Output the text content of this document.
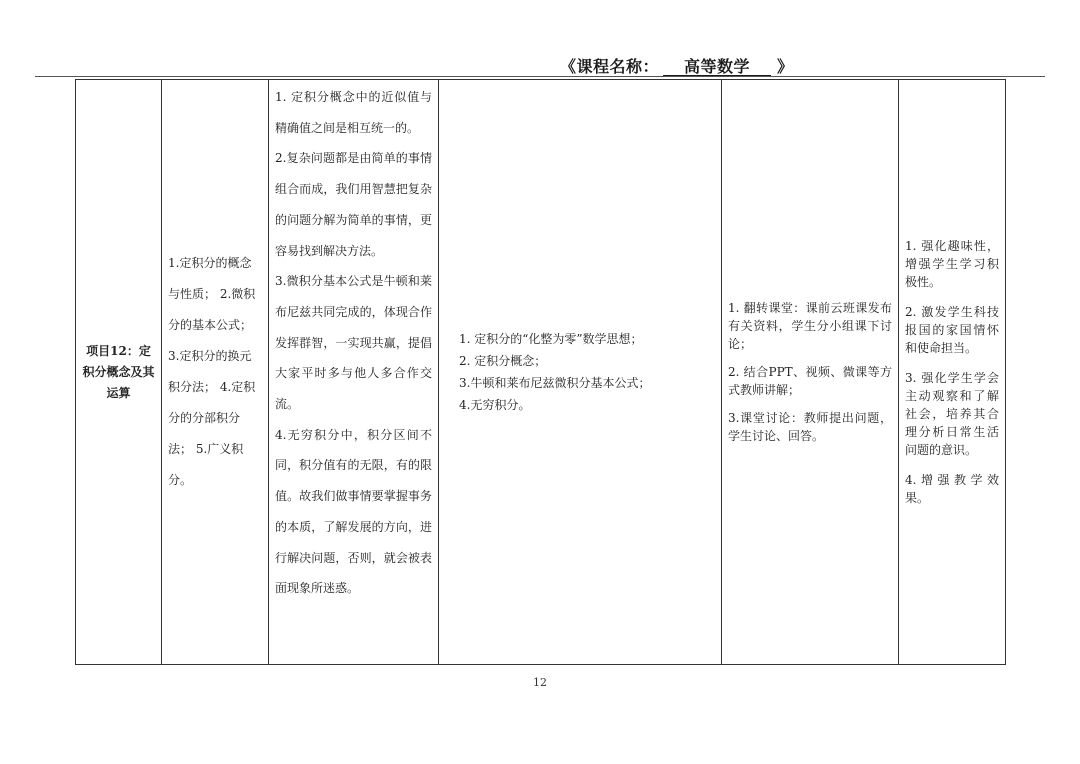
《课程名称： 高等数学 》
项目12：定积分概念及其运算	1.定积分的概念与性质； 2.微积分的基本公式； 3.定积分的换元积分法； 4.定积分的分部积分法； 5.广义积分。	1. 定积分概念中的近似值与精确值之间是相互统一的。
2.复杂问题都是由简单的事情组合而成，我们用智慧把复杂的问题分解为简单的事情，更容易找到解决方法。
3.微积分基本公式是牛顿和莱布尼兹共同完成的，体现合作发挥群智，一实现共赢，提倡大家平时多与他人多合作交流。
4.无穷积分中，积分区间不同，积分值有的无限，有的限值。故我们做事情要掌握事务的本质，了解发展的方向，进行解决问题，否则，就会被表面现象所迷惑。	
1. 定积分的“化整为零”数学思想；
2. 定积分概念；
3.牛顿和莱布尼兹微积分基本公式；
4.无穷积分。

1. 翻转课堂：课前云班课发布有关资料，学生分小组课下讨论；
2. 结合PPT、视频、微课等方式教师讲解；
3.课堂讨论：教师提出问题，学生讨论、回答。

1. 强化趣味性，增强学生学习积极性。
2. 激发学生科技报国的家国情怀和使命担当。
3. 强化学生学会主动观察和了解社会，培养其合理分析日常生活问题的意识。
4.增强教学效果。
12
